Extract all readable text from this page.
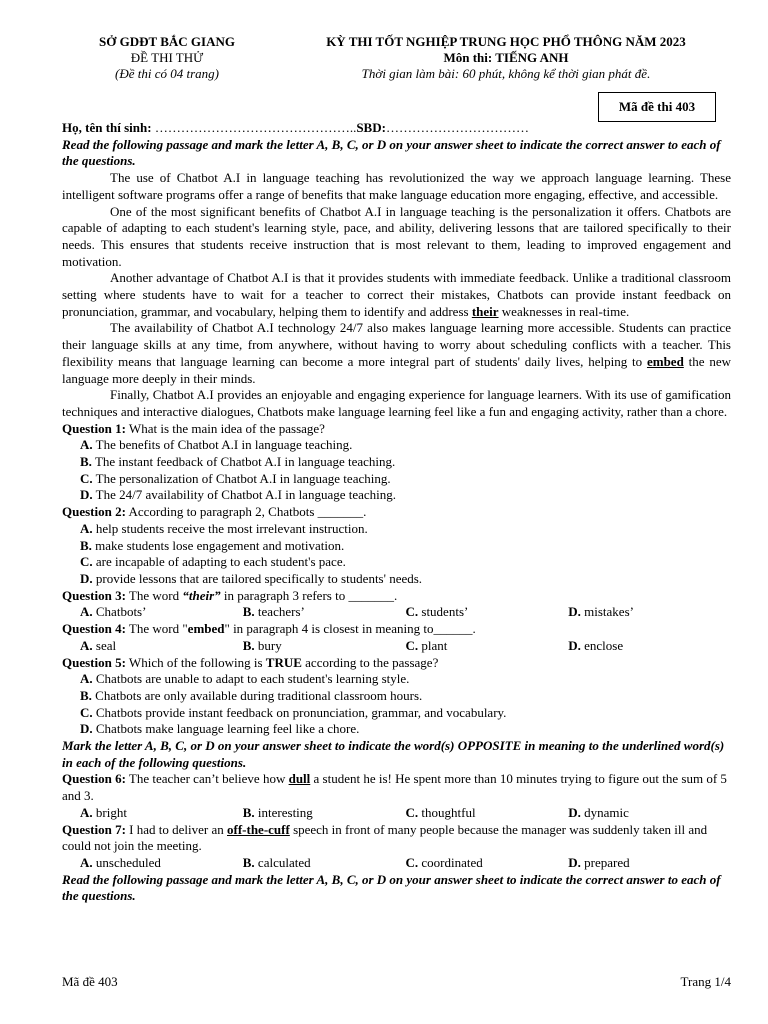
SỞ GDĐT BẮC GIANG
ĐỀ THI THỬ
(Đề thi có 04 trang)
KỲ THI TỐT NGHIỆP TRUNG HỌC PHỔ THÔNG NĂM 2023
Môn thi: TIẾNG ANH
Thời gian làm bài: 60 phút, không kể thời gian phát đề.
Mã đề thi 403
Họ, tên thí sinh: ………………………………………..SBD:……………………………
Read the following passage and mark the letter A, B, C, or D on your answer sheet to indicate the correct answer to each of the questions.

The use of Chatbot A.I in language teaching has revolutionized the way we approach language learning. These intelligent software programs offer a range of benefits that make language education more engaging, effective, and accessible.

One of the most significant benefits of Chatbot A.I in language teaching is the personalization it offers. Chatbots are capable of adapting to each student's learning style, pace, and ability, delivering lessons that are tailored specifically to their needs. This ensures that students receive instruction that is most relevant to them, leading to improved engagement and motivation.

Another advantage of Chatbot A.I is that it provides students with immediate feedback. Unlike a traditional classroom setting where students have to wait for a teacher to correct their mistakes, Chatbots can provide instant feedback on pronunciation, grammar, and vocabulary, helping them to identify and address their weaknesses in real-time.

The availability of Chatbot A.I technology 24/7 also makes language learning more accessible. Students can practice their language skills at any time, from anywhere, without having to worry about scheduling conflicts with a teacher. This flexibility means that language learning can become a more integral part of students' daily lives, helping to embed the new language more deeply in their minds.

Finally, Chatbot A.I provides an enjoyable and engaging experience for language learners. With its use of gamification techniques and interactive dialogues, Chatbots make language learning feel like a fun and engaging activity, rather than a chore.

Question 1: What is the main idea of the passage?
A. The benefits of Chatbot A.I in language teaching.
B. The instant feedback of Chatbot A.I in language teaching.
C. The personalization of Chatbot A.I in language teaching.
D. The 24/7 availability of Chatbot A.I in language teaching.
Question 2: According to paragraph 2, Chatbots _______.
A. help students receive the most irrelevant instruction.
B. make students lose engagement and motivation.
C. are incapable of adapting to each student's pace.
D. provide lessons that are tailored specifically to students' needs.
Question 3: The word “their” in paragraph 3 refers to _______.
A. Chatbots’	B. teachers’	C. students’	D. mistakes’
Question 4: The word "embed" in paragraph 4 is closest in meaning to______.
A. seal	B. bury	C. plant	D. enclose
Question 5: Which of the following is TRUE according to the passage?
A. Chatbots are unable to adapt to each student's learning style.
B. Chatbots are only available during traditional classroom hours.
C. Chatbots provide instant feedback on pronunciation, grammar, and vocabulary.
D. Chatbots make language learning feel like a chore.
Mark the letter A, B, C, or D on your answer sheet to indicate the word(s) OPPOSITE in meaning to the underlined word(s) in each of the following questions.
Question 6: The teacher can’t believe how dull a student he is! He spent more than 10 minutes trying to figure out the sum of 5 and 3.
A. bright	B. interesting	C. thoughtful	D. dynamic
Question 7: I had to deliver an off-the-cuff speech in front of many people because the manager was suddenly taken ill and could not join the meeting.
A. unscheduled	B. calculated	C. coordinated	D. prepared
Read the following passage and mark the letter A, B, C, or D on your answer sheet to indicate the correct answer to each of the questions.
Mã đề 403	Trang 1/4
